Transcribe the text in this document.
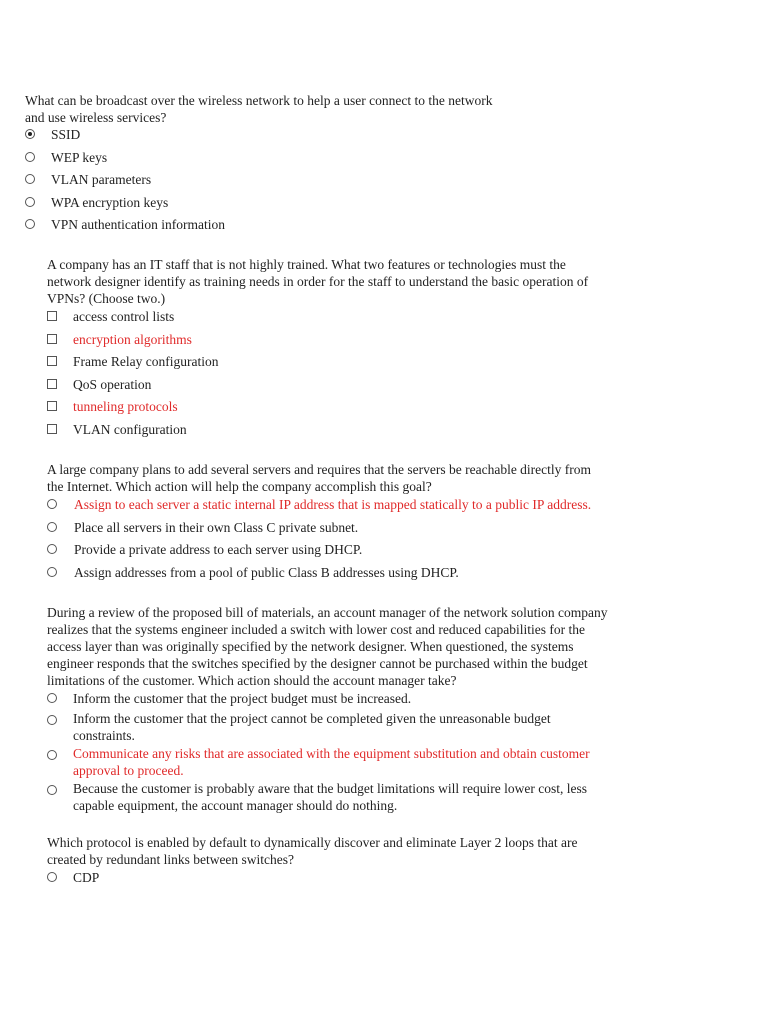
What can be broadcast over the wireless network to help a user connect to the network
and use wireless services?

SSID
WEP keys
VLAN parameters
WPA encryption keys
VPN authentication information

A company has an IT staff that is not highly trained. What two features or technologies must the
network designer identify as training needs in order for the staff to understand the basic operation of
VPNs? (Choose two.)

access control lists
encryption algorithms
Frame Relay configuration
QoS operation
tunneling protocols
VLAN configuration

A large company plans to add several servers and requires that the servers be reachable directly from
the Internet. Which action will help the company accomplish this goal?

Assign to each server a static internal IP address that is mapped statically to a public IP address.
Place all servers in their own Class C private subnet.
Provide a private address to each server using DHCP.
Assign addresses from a pool of public Class B addresses using DHCP.

During a review of the proposed bill of materials, an account manager of the network solution company
realizes that the systems engineer included a switch with lower cost and reduced capabilities for the
access layer than was originally specified by the network designer. When questioned, the systems
engineer responds that the switches specified by the designer cannot be purchased within the budget
limitations of the customer. Which action should the account manager take?

Inform the customer that the project budget must be increased.
Inform the customer that the project cannot be completed given the unreasonable budget
constraints.
Communicate any risks that are associated with the equipment substitution and obtain customer
approval to proceed.
Because the customer is probably aware that the budget limitations will require lower cost, less
capable equipment, the account manager should do nothing.

Which protocol is enabled by default to dynamically discover and eliminate Layer 2 loops that are
created by redundant links between switches?

CDP
